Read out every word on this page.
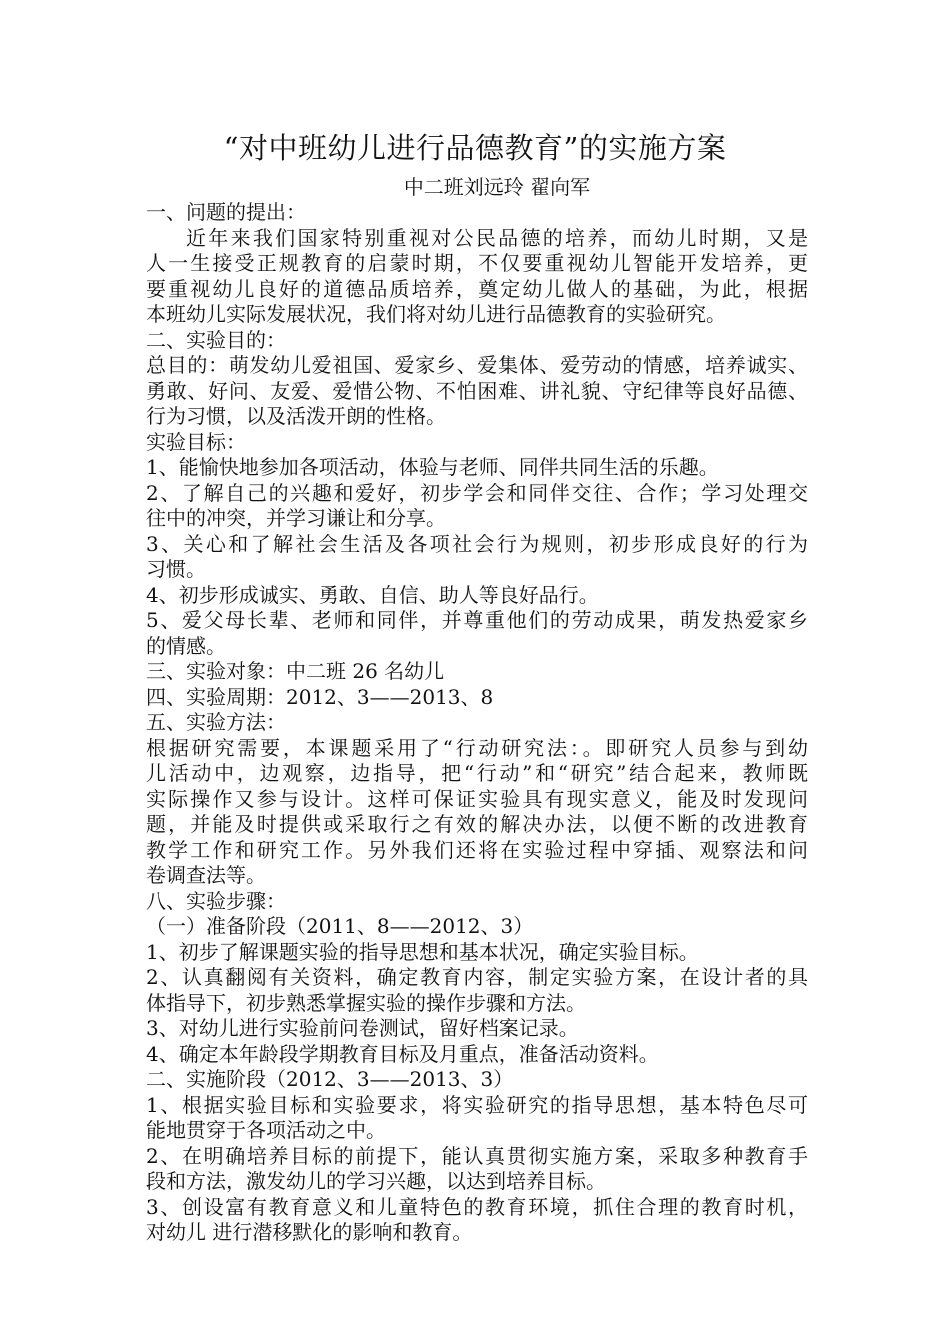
“对中班幼儿进行品德教育”的实施方案
中二班刘远玲 翟向军
一、问题的提出：
近年来我们国家特别重视对公民品德的培养，而幼儿时期，又是
人一生接受正规教育的启蒙时期，不仅要重视幼儿智能开发培养，更
要重视幼儿良好的道德品质培养，奠定幼儿做人的基础，为此，根据
本班幼儿实际发展状况，我们将对幼儿进行品德教育的实验研究。
二、实验目的：
总目的：萌发幼儿爱祖国、爱家乡、爱集体、爱劳动的情感，培养诚实、
勇敢、好问、友爱、爱惜公物、不怕困难、讲礼貌、守纪律等良好品德、
行为习惯，以及活泼开朗的性格。
实验目标：
1、能愉快地参加各项活动，体验与老师、同伴共同生活的乐趣。
2、了解自己的兴趣和爱好，初步学会和同伴交往、合作；学习处理交
往中的冲突，并学习谦让和分享。
3、关心和了解社会生活及各项社会行为规则，初步形成良好的行为
习惯。
4、初步形成诚实、勇敢、自信、助人等良好品行。
5、爱父母长辈、老师和同伴，并尊重他们的劳动成果，萌发热爱家乡
的情感。
三、实验对象：中二班 26 名幼儿
四、实验周期：2012、3——2013、8
五、实验方法：
根据研究需要，本课题采用了“行动研究法：。即研究人员参与到幼
儿活动中，边观察，边指导，把“行动”和“研究”结合起来，教师既
实际操作又参与设计。这样可保证实验具有现实意义，能及时发现问
题，并能及时提供或采取行之有效的解决办法，以便不断的改进教育
教学工作和研究工作。另外我们还将在实验过程中穿插、观察法和问
卷调查法等。
八、实验步骤：
（一）准备阶段（2011、8——2012、3）
1、初步了解课题实验的指导思想和基本状况，确定实验目标。
2、认真翻阅有关资料，确定教育内容，制定实验方案，在设计者的具
体指导下，初步熟悉掌握实验的操作步骤和方法。
3、对幼儿进行实验前问卷测试，留好档案记录。
4、确定本年龄段学期教育目标及月重点，准备活动资料。
二、实施阶段（2012、3——2013、3）
1、根据实验目标和实验要求，将实验研究的指导思想，基本特色尽可
能地贯穿于各项活动之中。
2、在明确培养目标的前提下，能认真贯彻实施方案，采取多种教育手
段和方法，激发幼儿的学习兴趣，以达到培养目标。
3、创设富有教育意义和儿童特色的教育环境，抓住合理的教育时机，
对幼儿 进行潜移默化的影响和教育。
